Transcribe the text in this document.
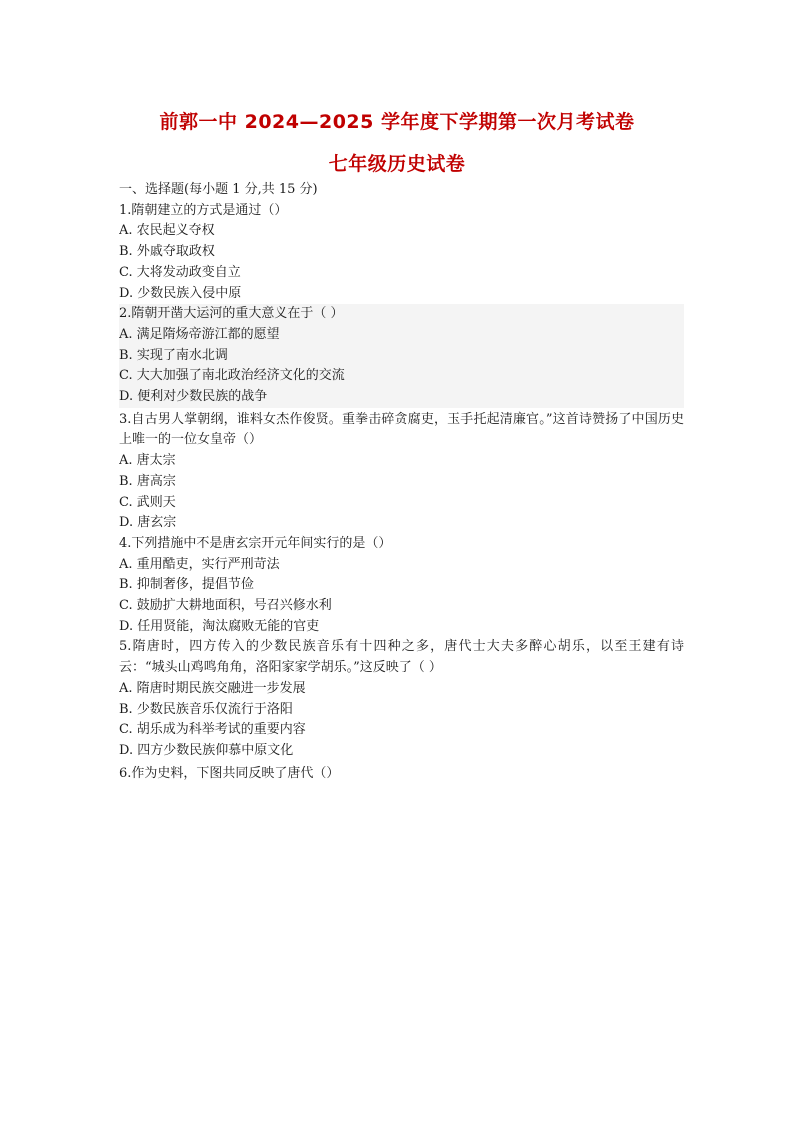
前郭一中 2024—2025 学年度下学期第一次月考试卷
七年级历史试卷
一、选择题(每小题 1 分,共 15 分)
1.隋朝建立的方式是通过（）
A. 农民起义夺权
B. 外戚夺取政权
C. 大将发动政变自立
D. 少数民族入侵中原
2.隋朝开凿大运河的重大意义在于（ ）
A. 满足隋炀帝游江都的愿望
B. 实现了南水北调
C. 大大加强了南北政治经济文化的交流
D. 便利对少数民族的战争
3.自古男人掌朝纲，谁料女杰作俊贤。重拳击碎贪腐吏，玉手托起清廉官。”这首诗赞扬了中国历史上唯一的一位女皇帝（）
A. 唐太宗
B. 唐高宗
C. 武则天
D. 唐玄宗
4.下列措施中不是唐玄宗开元年间实行的是（）
A. 重用酷吏，实行严刑苛法
B. 抑制奢侈，提倡节俭
C. 鼓励扩大耕地面积，号召兴修水利
D. 任用贤能，淘汰腐败无能的官吏
5.隋唐时，四方传入的少数民族音乐有十四种之多，唐代士大夫多醉心胡乐，以至王建有诗云：“城头山鸡鸣角角，洛阳家家学胡乐。”这反映了（ ）
A. 隋唐时期民族交融进一步发展
B. 少数民族音乐仅流行于洛阳
C. 胡乐成为科举考试的重要内容
D. 四方少数民族仰慕中原文化
6.作为史料，下图共同反映了唐代（）
